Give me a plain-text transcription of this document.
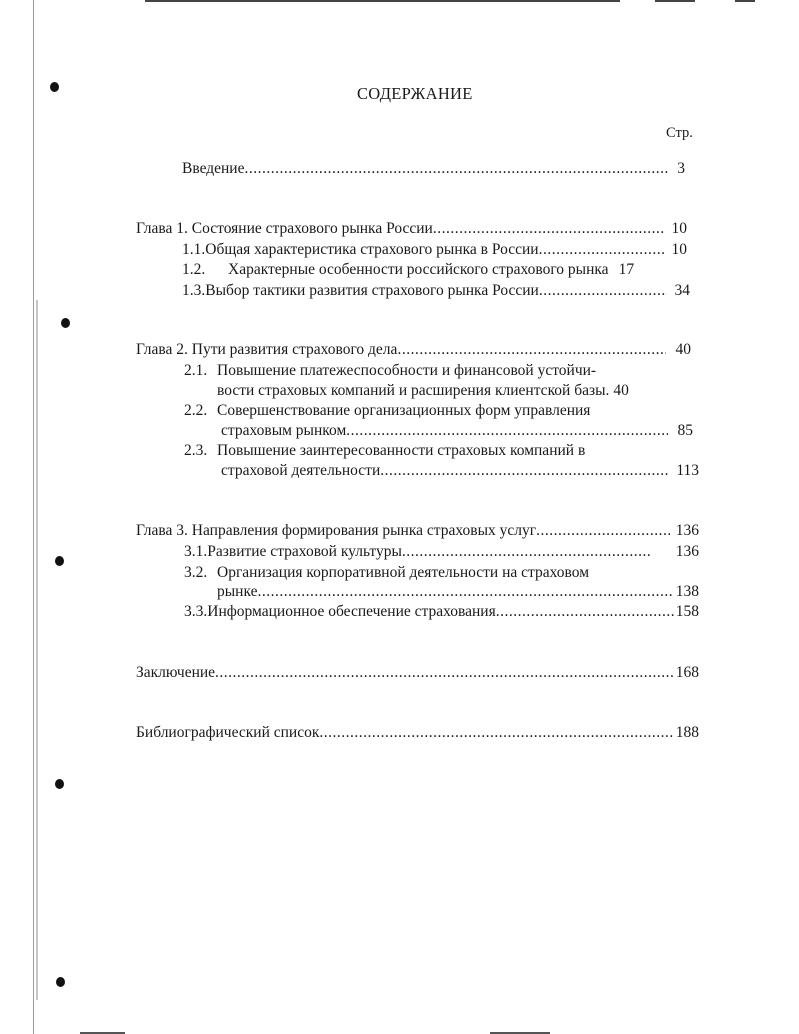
СОДЕРЖАНИЕ
Стр.
Введение .....	3
Глава 1. Состояние страхового рынка России .....	10
1.1. Общая характеристика страхового рынка в России .....	10
1.2.	Характерные особенности российского страхового рынка 17
1.3. Выбор тактики развития страхового рынка России .....	34
Глава 2. Пути развития страхового дела .....	40
2.1. Повышение платежеспособности и финансовой устойчи-
вости страховых компаний и расширения клиентской базы. 40
2.2. Совершенствование организационных форм управления
страховым рынком .....	85
2.3. Повышение заинтересованности страховых компаний в
страховой деятельности .....	113
Глава 3. Направления формирования рынка страховых услуг .....	136
3.1. Развитие страховой культуры .....	136
3.2. Организация корпоративной деятельности на страховом
рынке .....	138
3.3. Информационное обеспечение страхования .....	158
Заключение .....	168
Библиографический список .....	188
